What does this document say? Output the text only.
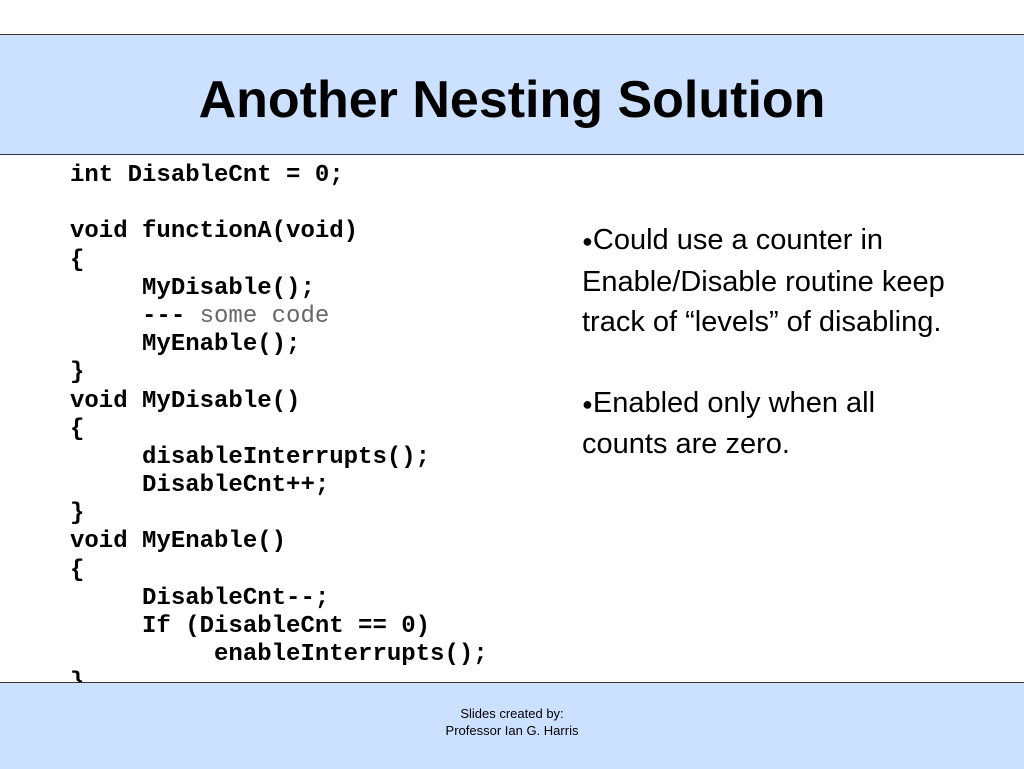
Another Nesting Solution
int DisableCnt = 0;
void functionA(void)
{
MyDisable();
--- some code
MyEnable();
}
void MyDisable()
{
disableInterrupts();
DisableCnt++;
}
void MyEnable()
{
DisableCnt--;
If (DisableCnt == 0)
enableInterrupts();

●Could use a counter in Enable/Disable routine keep track of “levels” of disabling.

●Enabled only when all counts are zero.

Slides created by:
Professor Ian G. Harris
